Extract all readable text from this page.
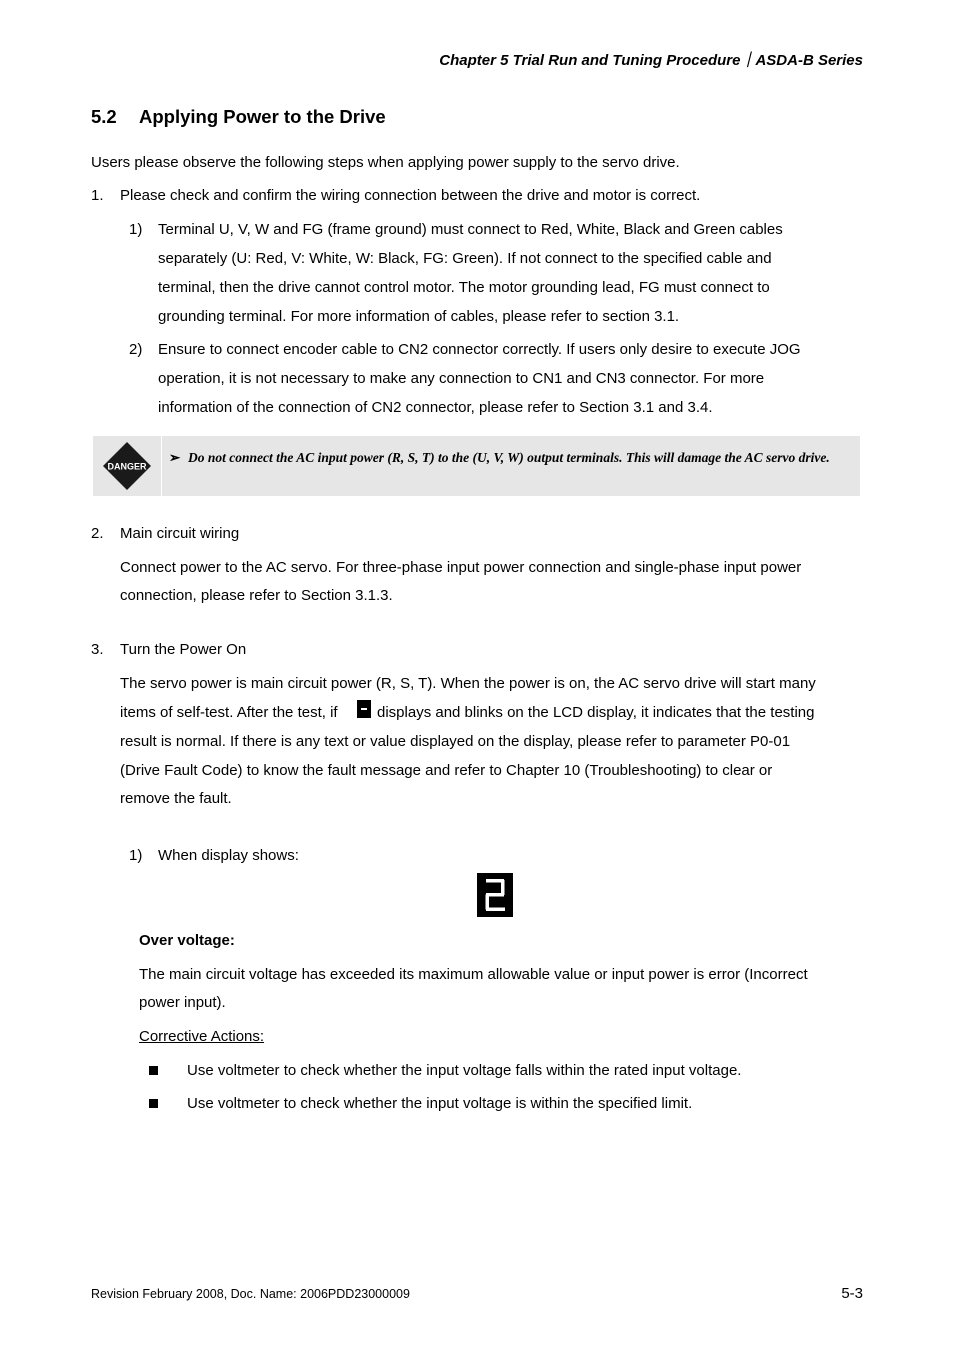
Chapter 5 Trial Run and Tuning Procedure｜ASDA-B Series
5.2 Applying Power to the Drive
Users please observe the following steps when applying power supply to the servo drive.
1. Please check and confirm the wiring connection between the drive and motor is correct.
1) Terminal U, V, W and FG (frame ground) must connect to Red, White, Black and Green cables
separately (U: Red, V: White, W: Black, FG: Green). If not connect to the specified cable and
terminal, then the drive cannot control motor. The motor grounding lead, FG must connect to
grounding terminal. For more information of cables, please refer to section 3.1.
2) Ensure to connect encoder cable to CN2 connector correctly. If users only desire to execute JOG
operation, it is not necessary to make any connection to CN1 and CN3 connector. For more
information of the connection of CN2 connector, please refer to Section 3.1 and 3.4.
DANGER
➢ Do not connect the AC input power (R, S, T) to the (U, V, W) output terminals. This will damage the AC servo drive.
2. Main circuit wiring
Connect power to the AC servo. For three-phase input power connection and single-phase input power
connection, please refer to Section 3.1.3.
3. Turn the Power On
The servo power is main circuit power (R, S, T). When the power is on, the AC servo drive will start many
items of self-test. After the test, if	displays and blinks on the LCD display, it indicates that the testing
result is normal. If there is any text or value displayed on the display, please refer to parameter P0-01
(Drive Fault Code) to know the fault message and refer to Chapter 10 (Troubleshooting) to clear or
remove the fault.
1) When display shows:
Over voltage:
The main circuit voltage has exceeded its maximum allowable value or input power is error (Incorrect
power input).
Corrective Actions:
Use voltmeter to check whether the input voltage falls within the rated input voltage.
Use voltmeter to check whether the input voltage is within the specified limit.
Revision February 2008, Doc. Name: 2006PDD23000009	5-3
